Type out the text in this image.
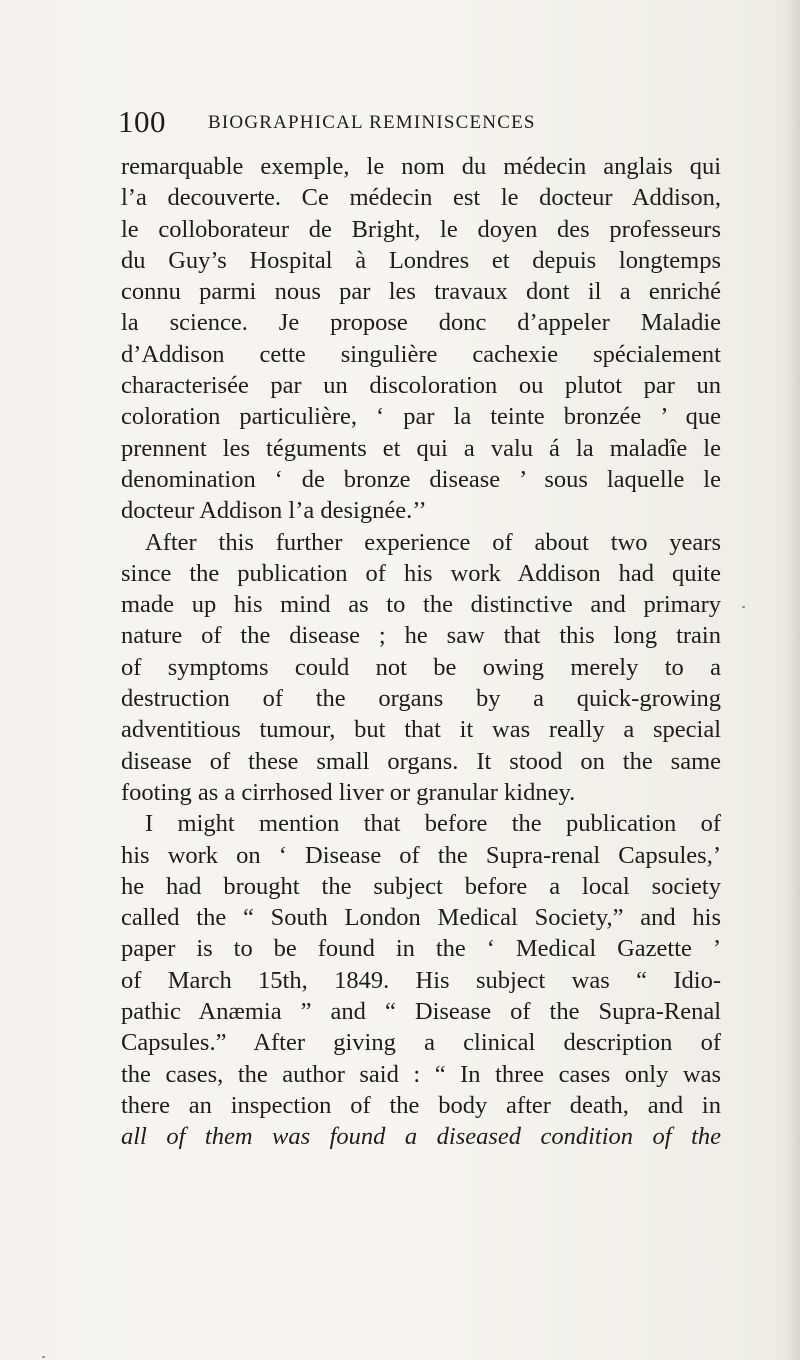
100 BIOGRAPHICAL REMINISCENCES
remarquable exemple, le nom du médecin anglais qui
l’a decouverte. Ce médecin est le docteur Addison,
le colloborateur de Bright, le doyen des professeurs
du Guy’s Hospital à Londres et depuis longtemps
connu parmi nous par les travaux dont il a enriché
la science. Je propose donc d’appeler Maladie
d’Addison cette singulière cachexie spécialement
characterisée par un discoloration ou plutot par un
coloration particulière, ‘ par la teinte bronzée ’ que
prennent les téguments et qui a valu á la maladîe le
denomination ‘ de bronze disease ’ sous laquelle le
docteur Addison l’a designée.’’
After this further experience of about two years
since the publication of his work Addison had quite
made up his mind as to the distinctive and primary
nature of the disease ; he saw that this long train
of symptoms could not be owing merely to a
destruction of the organs by a quick-growing
adventitious tumour, but that it was really a special
disease of these small organs. It stood on the same
footing as a cirrhosed liver or granular kidney.
I might mention that before the publication of
his work on ‘ Disease of the Supra-renal Capsules,’
he had brought the subject before a local society
called the “ South London Medical Society,” and his
paper is to be found in the ‘ Medical Gazette ’
of March 15th, 1849. His subject was “ Idio-
pathic Anæmia ” and “ Disease of the Supra-Renal
Capsules.” After giving a clinical description of
the cases, the author said : “ In three cases only was
there an inspection of the body after death, and in
all of them was found a diseased condition of the
